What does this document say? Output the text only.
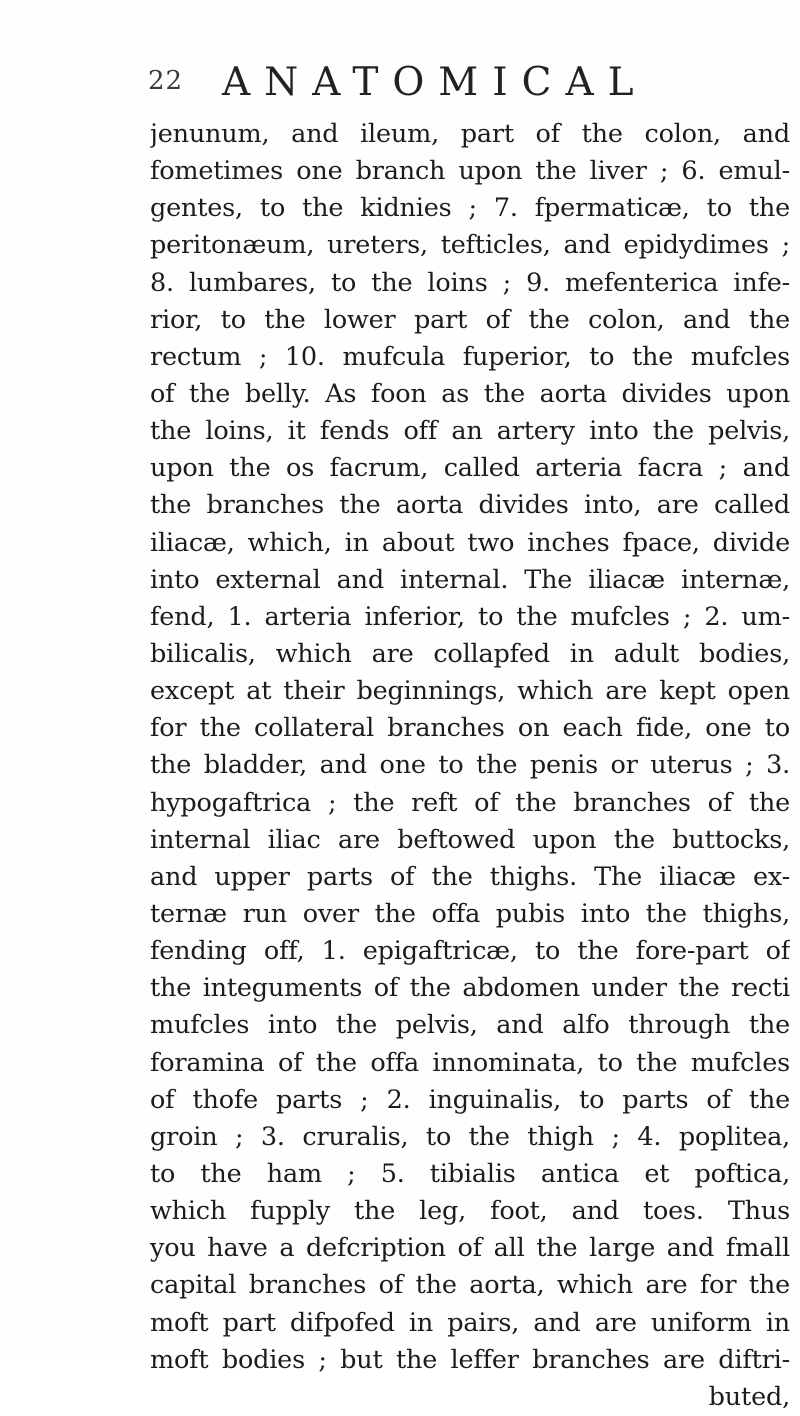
22 ANATOMICAL
jenunum, and ileum, part of the colon, and
fometimes one branch upon the liver ; 6. emul-
gentes, to the kidnies ; 7. fpermaticæ, to the
peritonæum, ureters, tefticles, and epidydimes ;
8. lumbares, to the loins ; 9. mefenterica infe-
rior, to the lower part of the colon, and the
rectum ; 10. mufcula fuperior, to the mufcles
of the belly. As foon as the aorta divides upon
the loins, it fends off an artery into the pelvis,
upon the os facrum, called arteria facra ; and
the branches the aorta divides into, are called
iliacæ, which, in about two inches fpace, divide
into external and internal. The iliacæ internæ,
fend, 1. arteria inferior, to the mufcles ; 2. um-
bilicalis, which are collapfed in adult bodies,
except at their beginnings, which are kept open
for the collateral branches on each fide, one to
the bladder, and one to the penis or uterus ; 3.
hypogaftrica ; the reft of the branches of the
internal iliac are beftowed upon the buttocks,
and upper parts of the thighs. The iliacæ ex-
ternæ run over the offa pubis into the thighs,
fending off, 1. epigaftricæ, to the fore-part of
the integuments of the abdomen under the recti
mufcles into the pelvis, and alfo through the
foramina of the offa innominata, to the mufcles
of thofe parts ; 2. inguinalis, to parts of the
groin ; 3. cruralis, to the thigh ; 4. poplitea,
to the ham ; 5. tibialis antica et poftica,
which fupply the leg, foot, and toes. Thus
you have a defcription of all the large and fmall
capital branches of the aorta, which are for the
moft part difpofed in pairs, and are uniform in
moft bodies ; but the leffer branches are diftri-
buted,
